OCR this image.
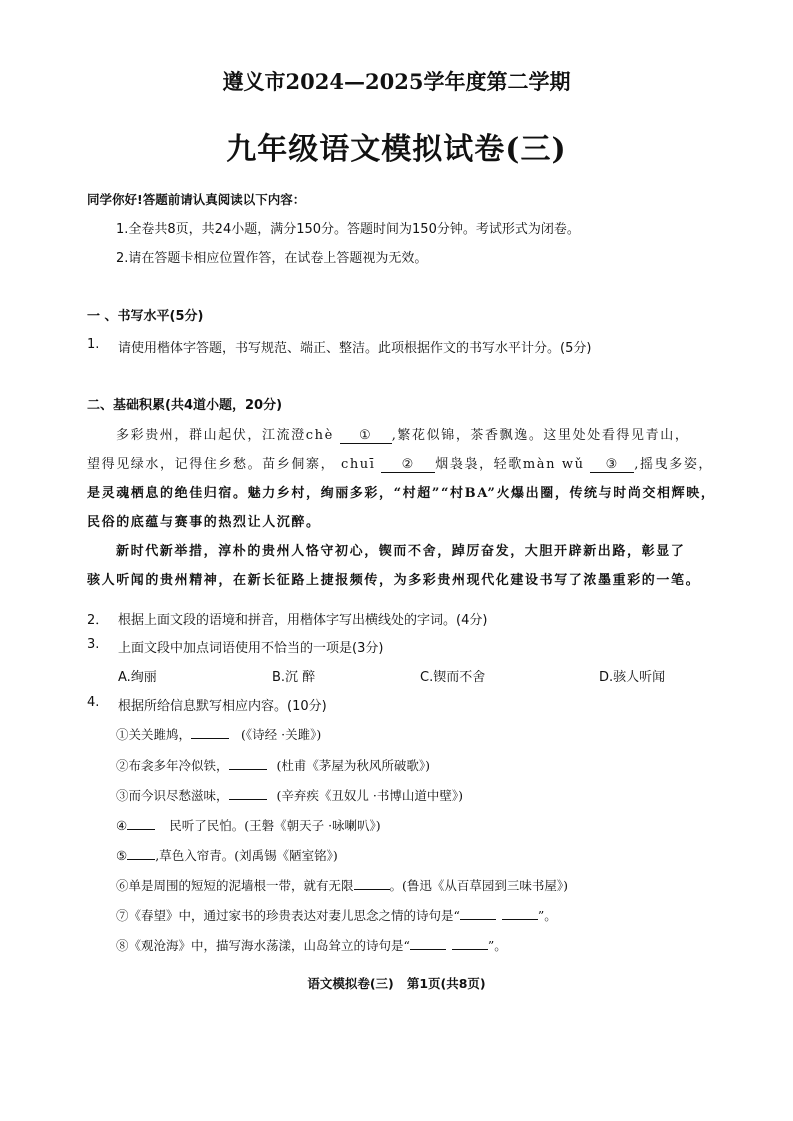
遵义市2024—2025学年度第二学期
九年级语文模拟试卷(三)
同学你好!答题前请认真阅读以下内容：
1.全卷共8页，共24小题，满分150分。答题时间为150分钟。考试形式为闭卷。
2.请在答题卡相应位置作答，在试卷上答题视为无效。
一 、书写水平(5分)
1. 请使用楷体字答题，书写规范、端正、整洁。此项根据作文的书写水平计分。(5分)
二、基础积累(共4道小题，20分)
多彩贵州，群山起伏，江流澄chè ① ,繁花似锦，茶香飘逸。这里处处看得见青山，
望得见绿水，记得住乡愁。苗乡侗寨， chuī ② 烟袅袅，轻歌màn wǔ ③ ,摇曳多姿，
是灵魂栖息的绝佳归宿。魅力乡村，绚丽多彩，“村超”“村BA”火爆出圈，传统与时尚交相辉映，
民俗的底蕴与赛事的热烈让人沉醉。
新时代新举措，淳朴的贵州人恪守初心，锲而不舍，踔厉奋发，大胆开辟新出路，彰显了
骇人听闻的贵州精神，在新长征路上捷报频传，为多彩贵州现代化建设书写了浓墨重彩的一笔。
2． 根据上面文段的语境和拼音，用楷体字写出横线处的字词。(4分)
3. 上面文段中加点词语使用不恰当的一项是(3分)
A.绚丽	B.沉 醉	C.锲而不舍	D.骇人听闻
4. 根据所给信息默写相应内容。(10分)
①关关雎鸠，	(《诗经 ·关雎》)
②布衾多年冷似铁，	(杜甫《茅屋为秋风所破歌》)
③而今识尽愁滋味，	(辛弃疾《丑奴儿 ·书博山道中壁》)
④	民听了民怕。(王磐《朝天子 ·咏喇叭》)
⑤ ,草色入帘青。(刘禹锡《陋室铭》)
⑥单是周围的短短的泥墙根一带，就有无限	。(鲁迅《从百草园到三味书屋》)
⑦《春望》中，通过家书的珍贵表达对妻儿思念之情的诗句是“	”。
⑧《观沧海》中，描写海水荡漾，山岛耸立的诗句是“	”。
语文模拟卷(三)   第1页(共8页)
